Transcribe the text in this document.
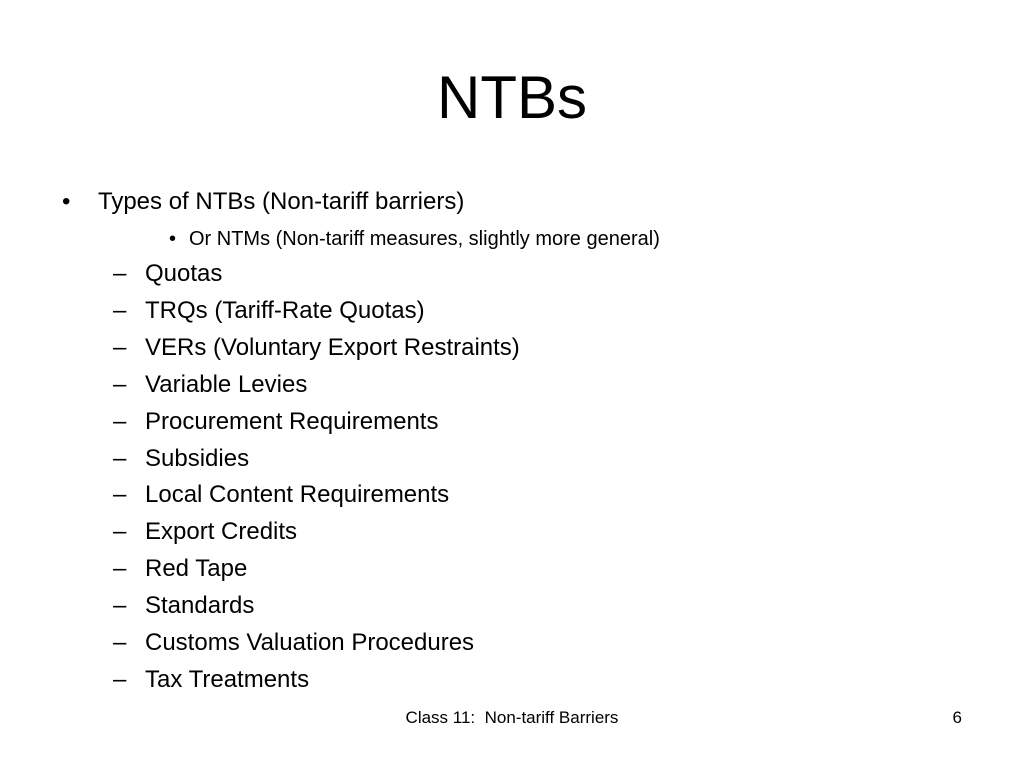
NTBs
• Types of NTBs (Non-tariff barriers)
• Or NTMs (Non-tariff measures, slightly more general)
– Quotas
– TRQs (Tariff-Rate Quotas)
– VERs (Voluntary Export Restraints)
– Variable Levies
– Procurement Requirements
– Subsidies
– Local Content Requirements
– Export Credits
– Red Tape
– Standards
– Customs Valuation Procedures
– Tax Treatments
Class 11:  Non-tariff Barriers	6
